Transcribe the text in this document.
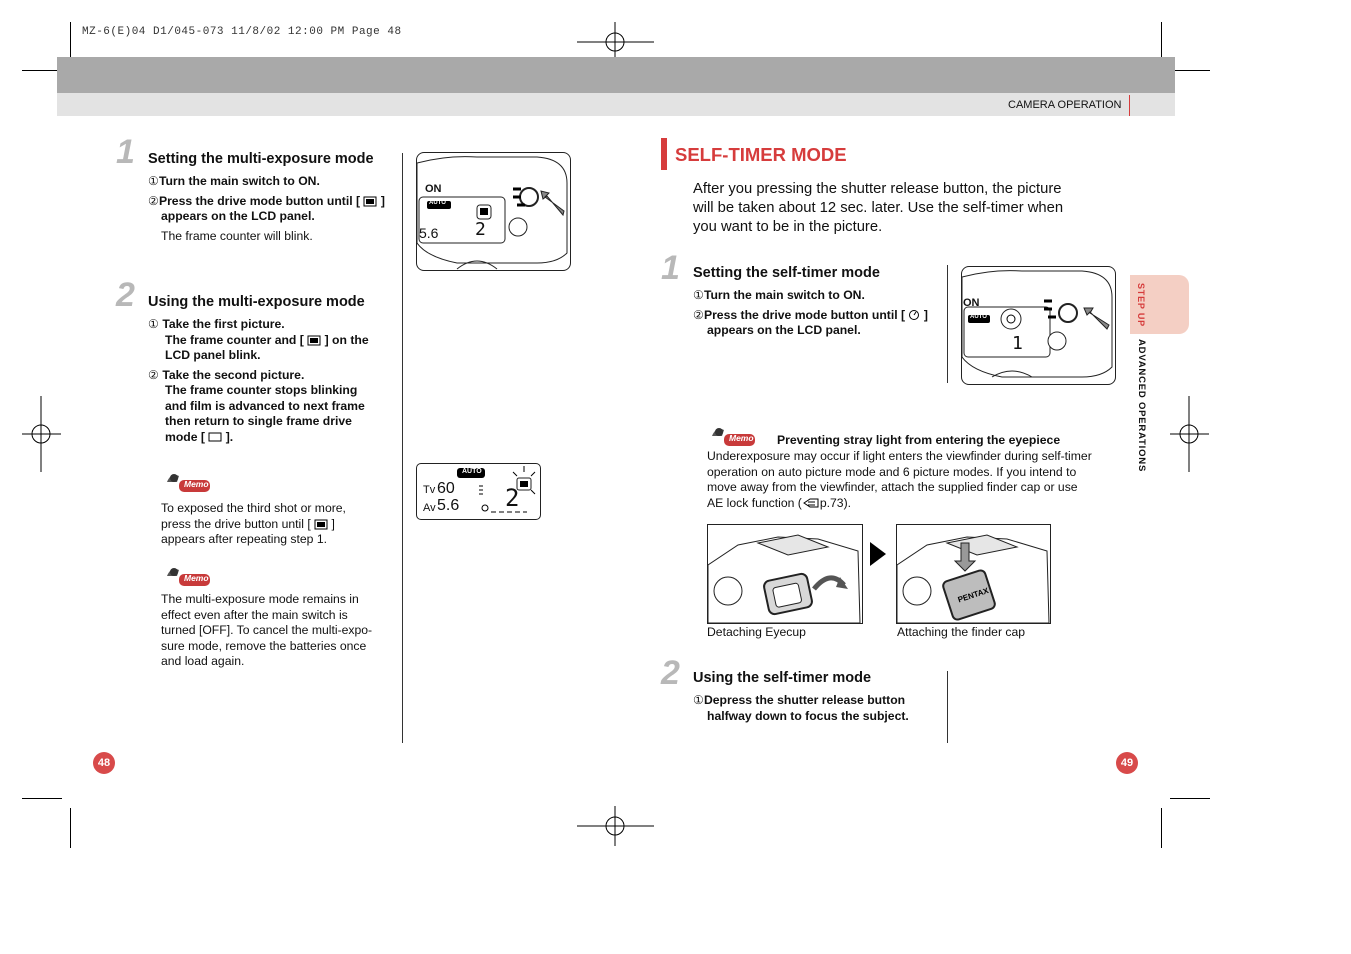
MZ-6(E)04 D1/045-073 11/8/02 12:00 PM Page 48
CAMERA OPERATION
1 Setting the multi-exposure mode
①Turn the main switch to ON.
②Press the drive mode button until [ ]
appears on the LCD panel.
The frame counter will blink.
2 Using the multi-exposure mode
① Take the first picture.
The frame counter and [ ] on the
LCD panel blink.
② Take the second picture.
The frame counter stops blinking
and film is advanced to next frame
then return to single frame drive
mode [ ].
Memo
To exposed the third shot or more,
press the drive button until [ ]
appears after repeating step 1.
Memo
The multi-exposure mode remains in
effect even after the main switch is
turned [OFF]. To cancel the multi-expo-
sure mode, remove the batteries once
and load again.
ON
AUTO
5.6 2
AUTO
Tv 60
Av 5.6 2
48
SELF-TIMER MODE
After you pressing the shutter release button, the picture
will be taken about 12 sec. later. Use the self-timer when
you want to be in the picture.
1 Setting the self-timer mode
①Turn the main switch to ON.
②Press the drive mode button until [ ]
appears on the LCD panel.
ON
AUTO
1
Memo Preventing stray light from entering the eyepiece
Underexposure may occur if light enters the viewfinder during self-timer
operation on auto picture mode and 6 picture modes. If you intend to
move away from the viewfinder, attach the supplied finder cap or use
AE lock function ( p.73).
PENTAX
Detaching Eyecup	Attaching the finder cap
2 Using the self-timer mode
①Depress the shutter release button
halfway down to focus the subject.
STEP UP
ADVANCED OPERATIONS
49
